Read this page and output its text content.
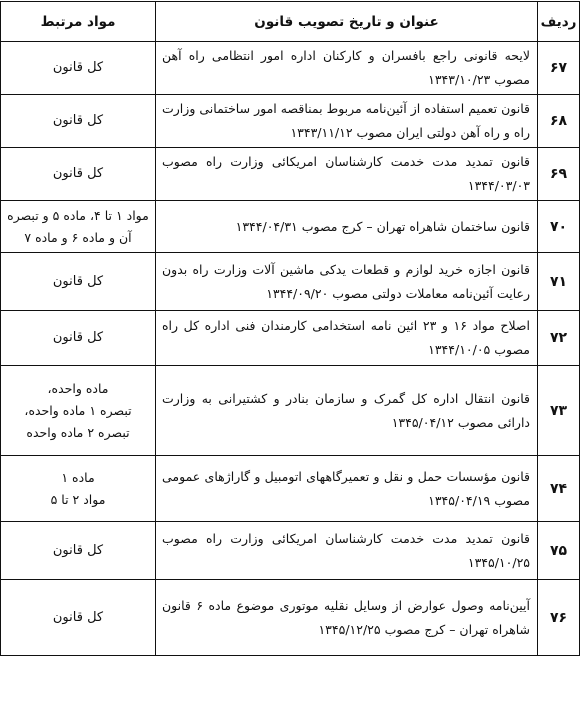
ردیف	عنوان و تاریخ تصویب قانون	مواد مرتبط
۶۷	لایحه قانونی راجع بافسران و کارکنان اداره امور انتظامی راه آهن مصوب ۱۳۴۳/۱۰/۲۳	کل قانون

۶۸	قانون تعمیم استفاده از آئین‌نامه مربوط بمناقصه امور ساختمانی وزارت راه و راه آهن دولتی ایران مصوب ۱۳۴۳/۱۱/۱۲	کل قانون

۶۹	قانون تمدید مدت خدمت کارشناسان امریکائی وزارت راه مصوب ۱۳۴۴/۰۳/۰۳	کل قانون

۷۰	قانون ساختمان شاهراه تهران – کرج مصوب ۱۳۴۴/۰۴/۳۱	مواد ۱ تا ۴، ماده ۵ و تبصره
آن و ماده ۶ و ماده ۷

۷۱	قانون اجازه خرید لوازم و قطعات یدکی ماشین آلات وزارت راه بدون رعایت آئین‌نامه معاملات دولتی مصوب ۱۳۴۴/۰۹/۲۰	کل قانون

۷۲	اصلاح مواد ۱۶ و ۲۳ ائین نامه استخدامی کارمندان فنی اداره کل راه مصوب ۱۳۴۴/۱۰/۰۵	کل قانون

۷۳	قانون انتقال اداره کل گمرک و سازمان بنادر و کشتیرانی به وزارت دارائی مصوب ۱۳۴۵/۰۴/۱۲	ماده واحده،
تبصره ۱ ماده واحده،
تبصره ۲ ماده واحده

۷۴	قانون مؤسسات حمل و نقل و تعمیرگاههای اتومبیل و گاراژهای عمومی مصوب ۱۳۴۵/۰۴/۱۹	ماده ۱
مواد ۲ تا ۵

۷۵	قانون تمدید مدت خدمت کارشناسان امریکائی وزارت راه مصوب ۱۳۴۵/۱۰/۲۵	کل قانون

۷۶	آیین‌نامه وصول عوارض از وسایل نقلیه موتوری موضوع ماده ۶ قانون شاهراه تهران – کرج مصوب ۱۳۴۵/۱۲/۲۵	کل قانون
